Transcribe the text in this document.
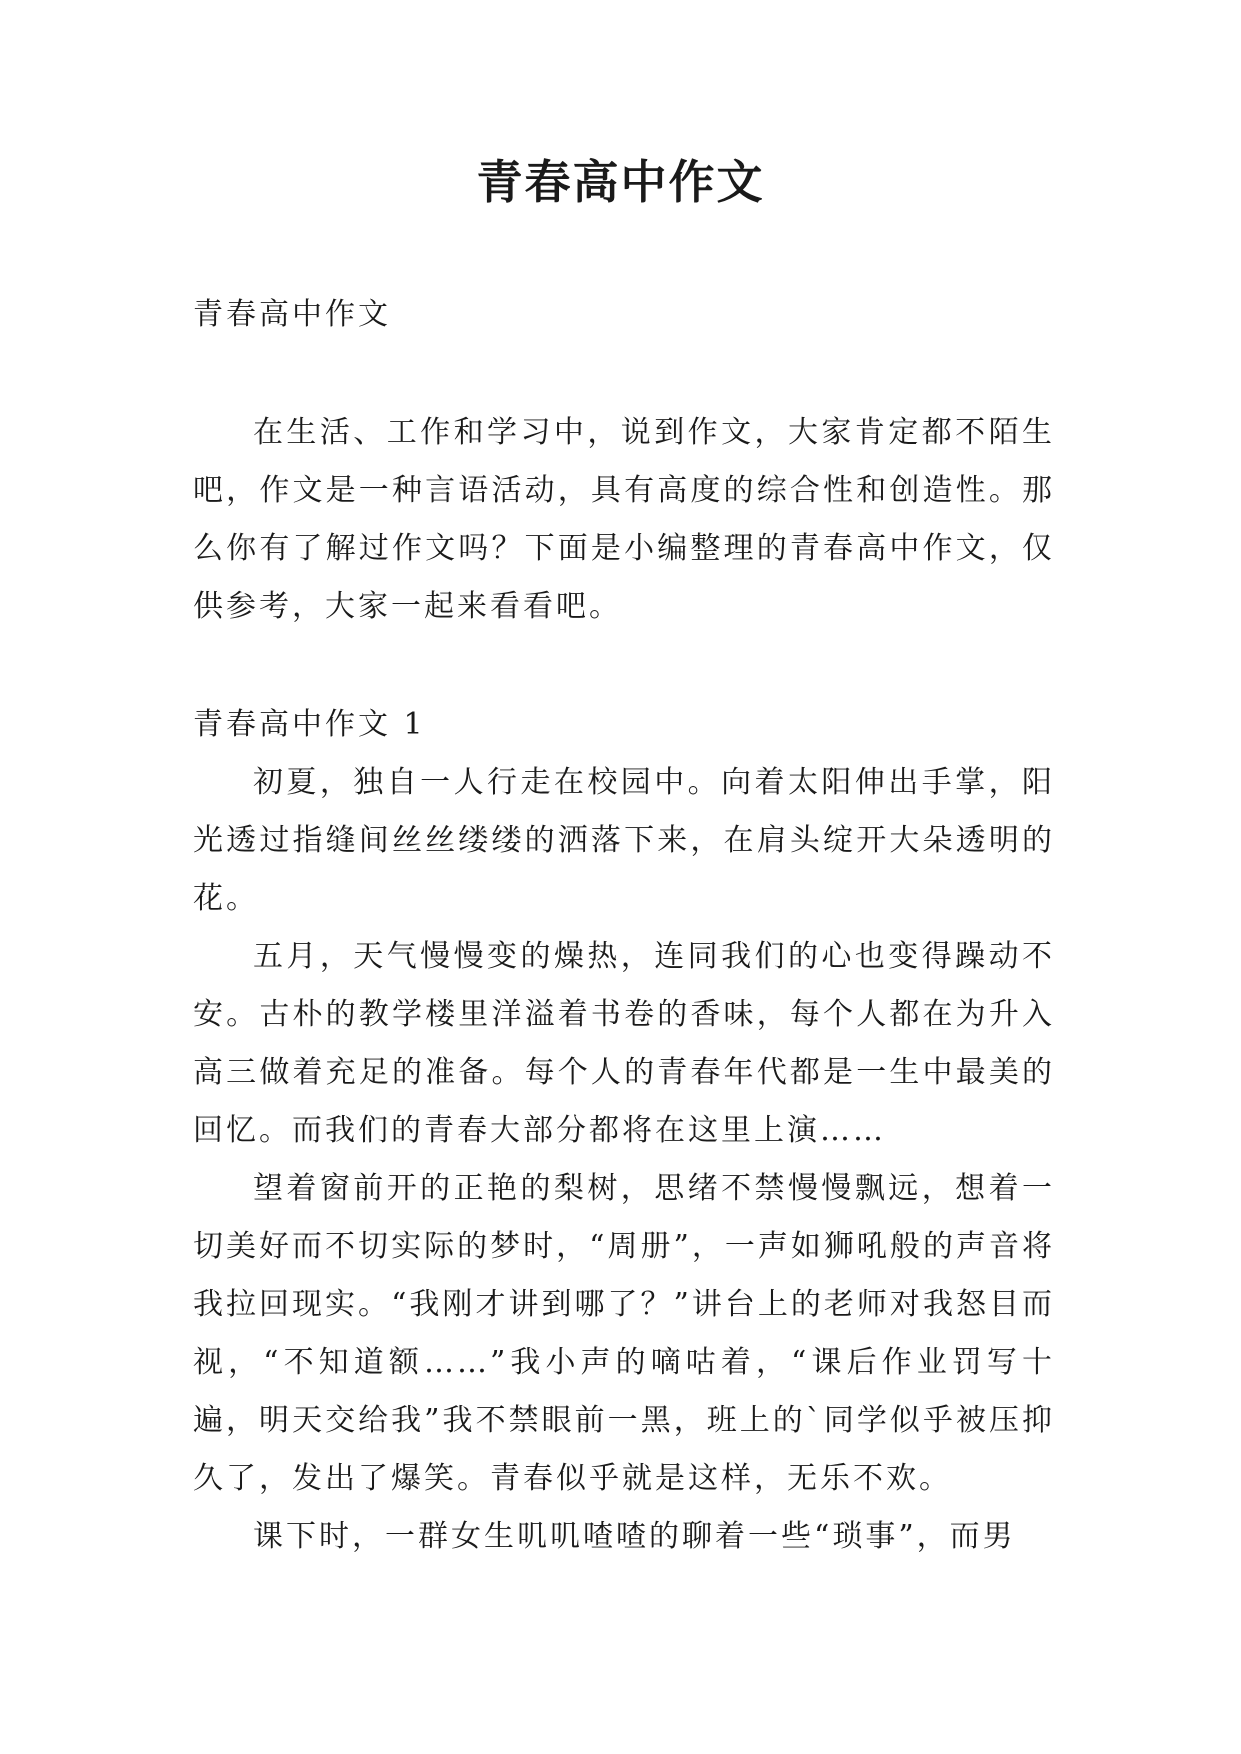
青春高中作文

青春高中作文

在生活、工作和学习中，说到作文，大家肯定都不陌生吧，作文是一种言语活动，具有高度的综合性和创造性。那么你有了解过作文吗？下面是小编整理的青春高中作文，仅供参考，大家一起来看看吧。

青春高中作文 1

初夏，独自一人行走在校园中。向着太阳伸出手掌，阳光透过指缝间丝丝缕缕的洒落下来，在肩头绽开大朵透明的花。

五月，天气慢慢变的燥热，连同我们的心也变得躁动不安。古朴的教学楼里洋溢着书卷的香味，每个人都在为升入高三做着充足的准备。每个人的青春年代都是一生中最美的回忆。而我们的青春大部分都将在这里上演……

望着窗前开的正艳的梨树，思绪不禁慢慢飘远，想着一切美好而不切实际的梦时，“周册”，一声如狮吼般的声音将我拉回现实。“我刚才讲到哪了？”讲台上的老师对我怒目而视，“不知道额……”我小声的嘀咕着，“课后作业罚写十遍，明天交给我”我不禁眼前一黑，班上的`同学似乎被压抑久了，发出了爆笑。青春似乎就是这样，无乐不欢。

课下时，一群女生叽叽喳喳的聊着一些“琐事”，而男
